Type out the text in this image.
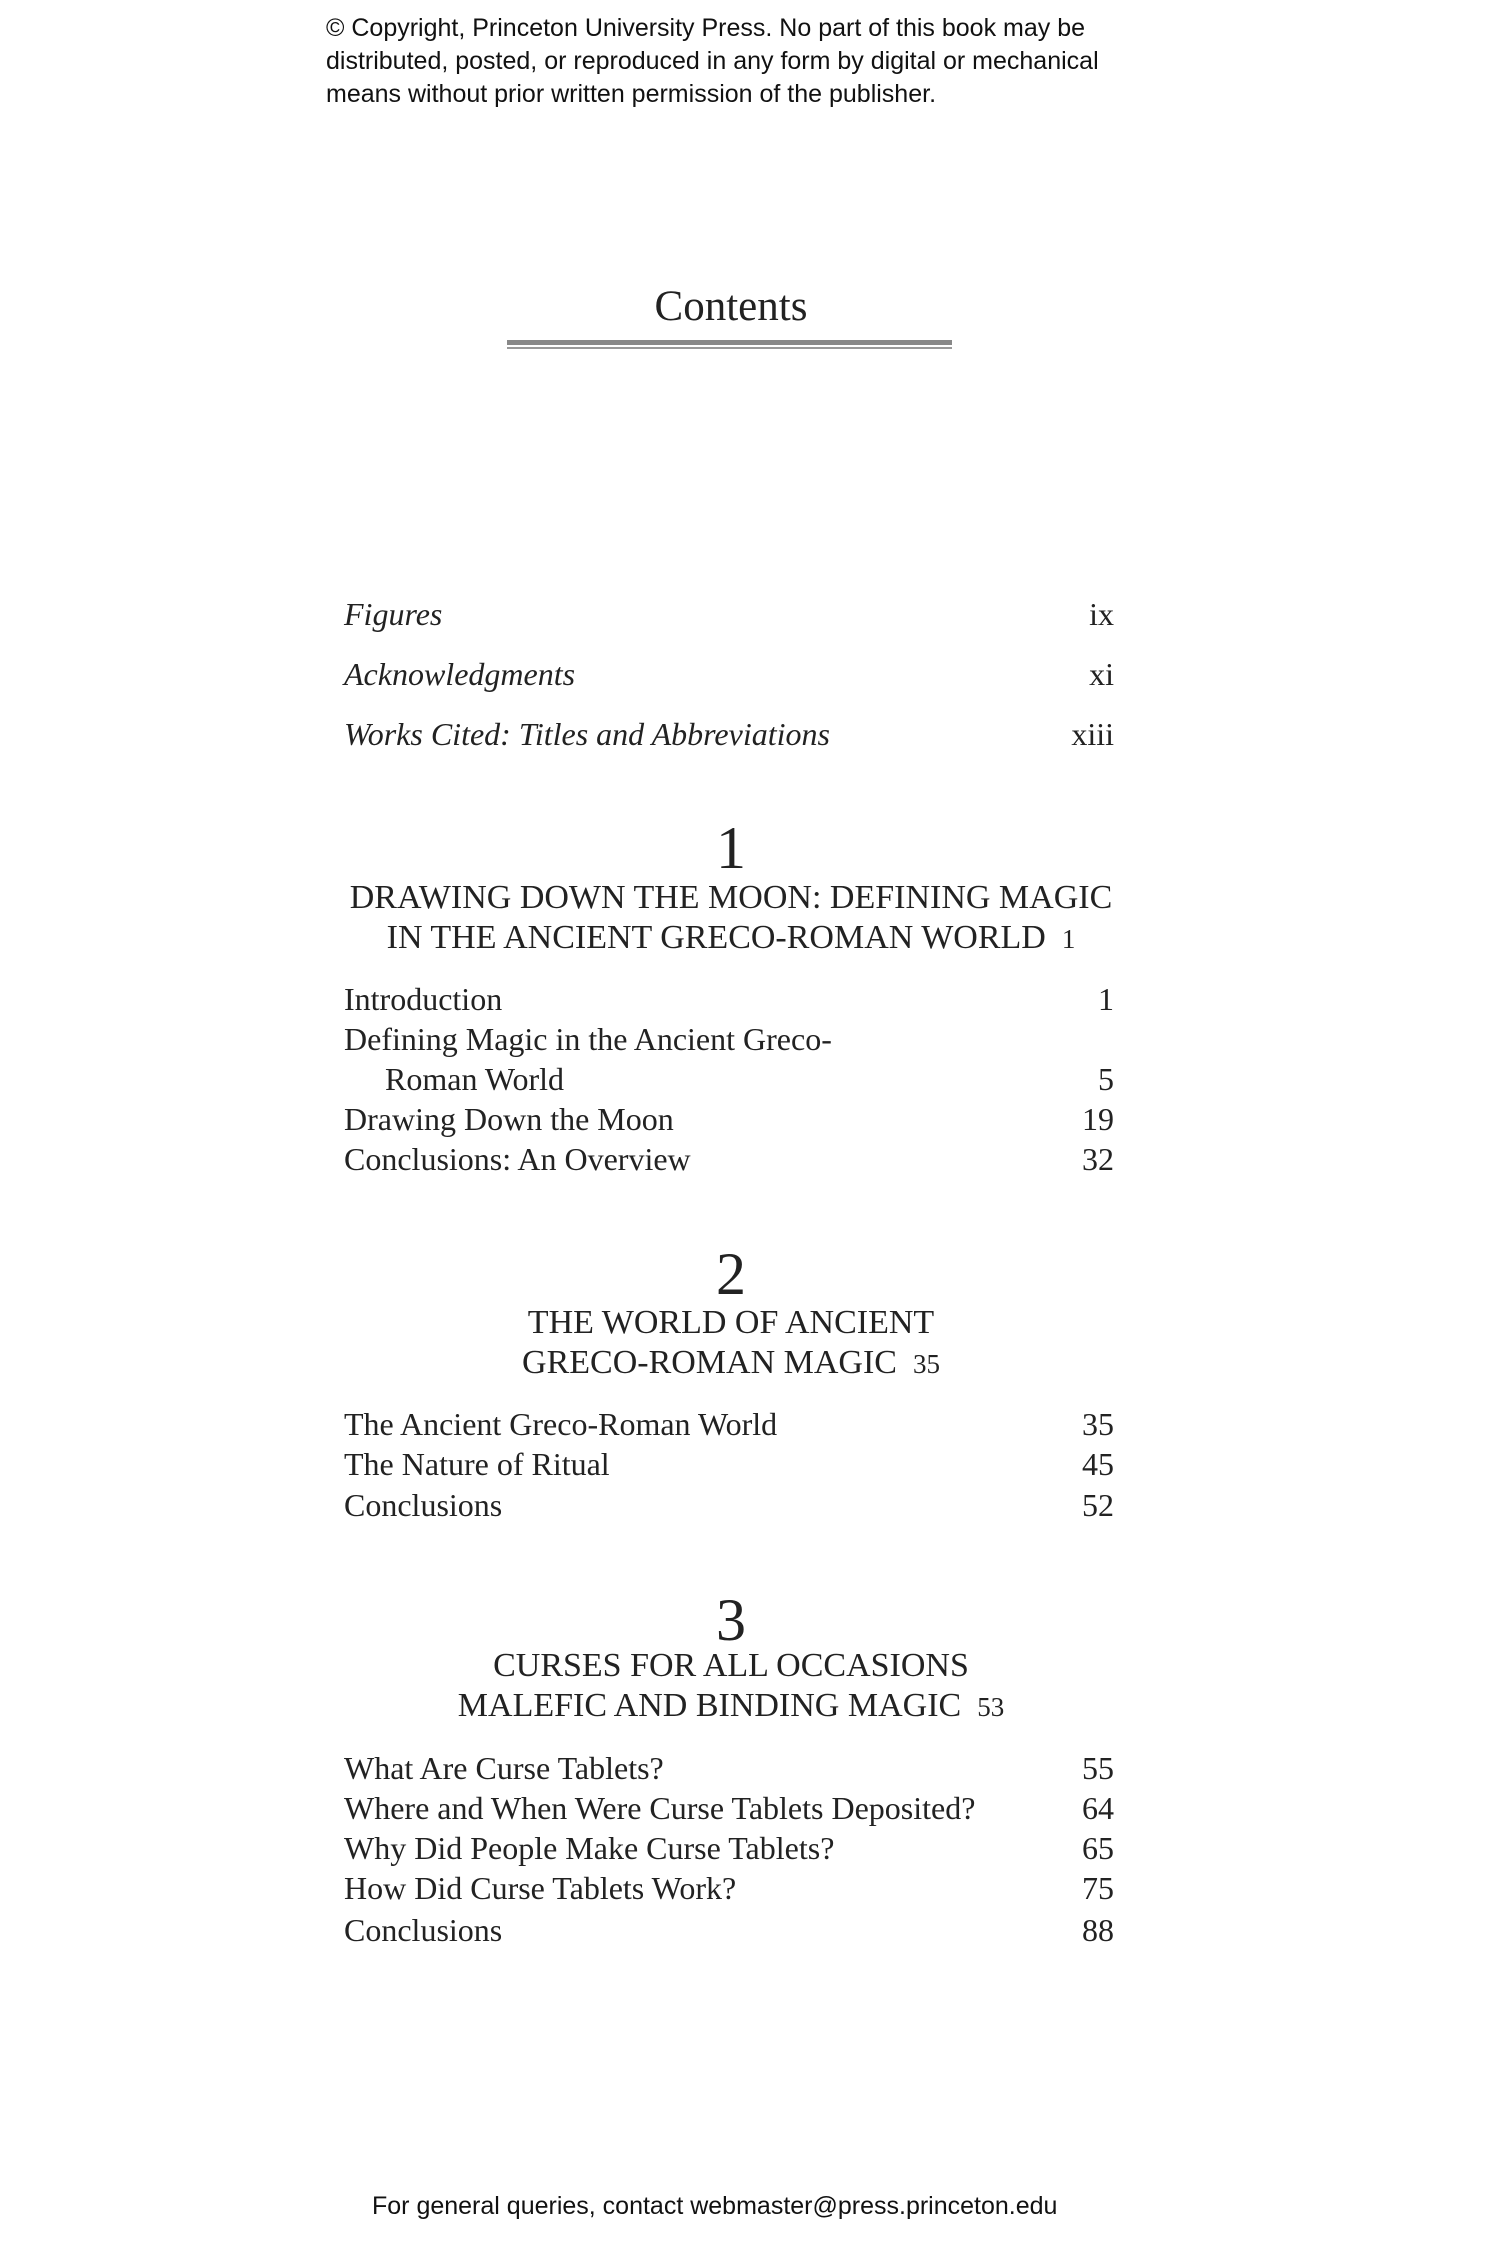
© Copyright, Princeton University Press. No part of this book may be
distributed, posted, or reproduced in any form by digital or mechanical
means without prior written permission of the publisher.
Contents
Figures	ix
Acknowledgments	xi
Works Cited: Titles and Abbreviations	xiii
1
DRAWING DOWN THE MOON: DEFINING MAGIC
IN THE ANCIENT GRECO-ROMAN WORLD 1
Introduction	1
Defining Magic in the Ancient Greco-
Roman World	5
Drawing Down the Moon	19
Conclusions: An Overview	32
2
THE WORLD OF ANCIENT
GRECO-ROMAN MAGIC 35
The Ancient Greco-Roman World	35
The Nature of Ritual	45
Conclusions	52
3
CURSES FOR ALL OCCASIONS
MALEFIC AND BINDING MAGIC 53
What Are Curse Tablets?	55
Where and When Were Curse Tablets Deposited?	64
Why Did People Make Curse Tablets?	65
How Did Curse Tablets Work?	75
Conclusions	88
For general queries, contact webmaster@press.princeton.edu
